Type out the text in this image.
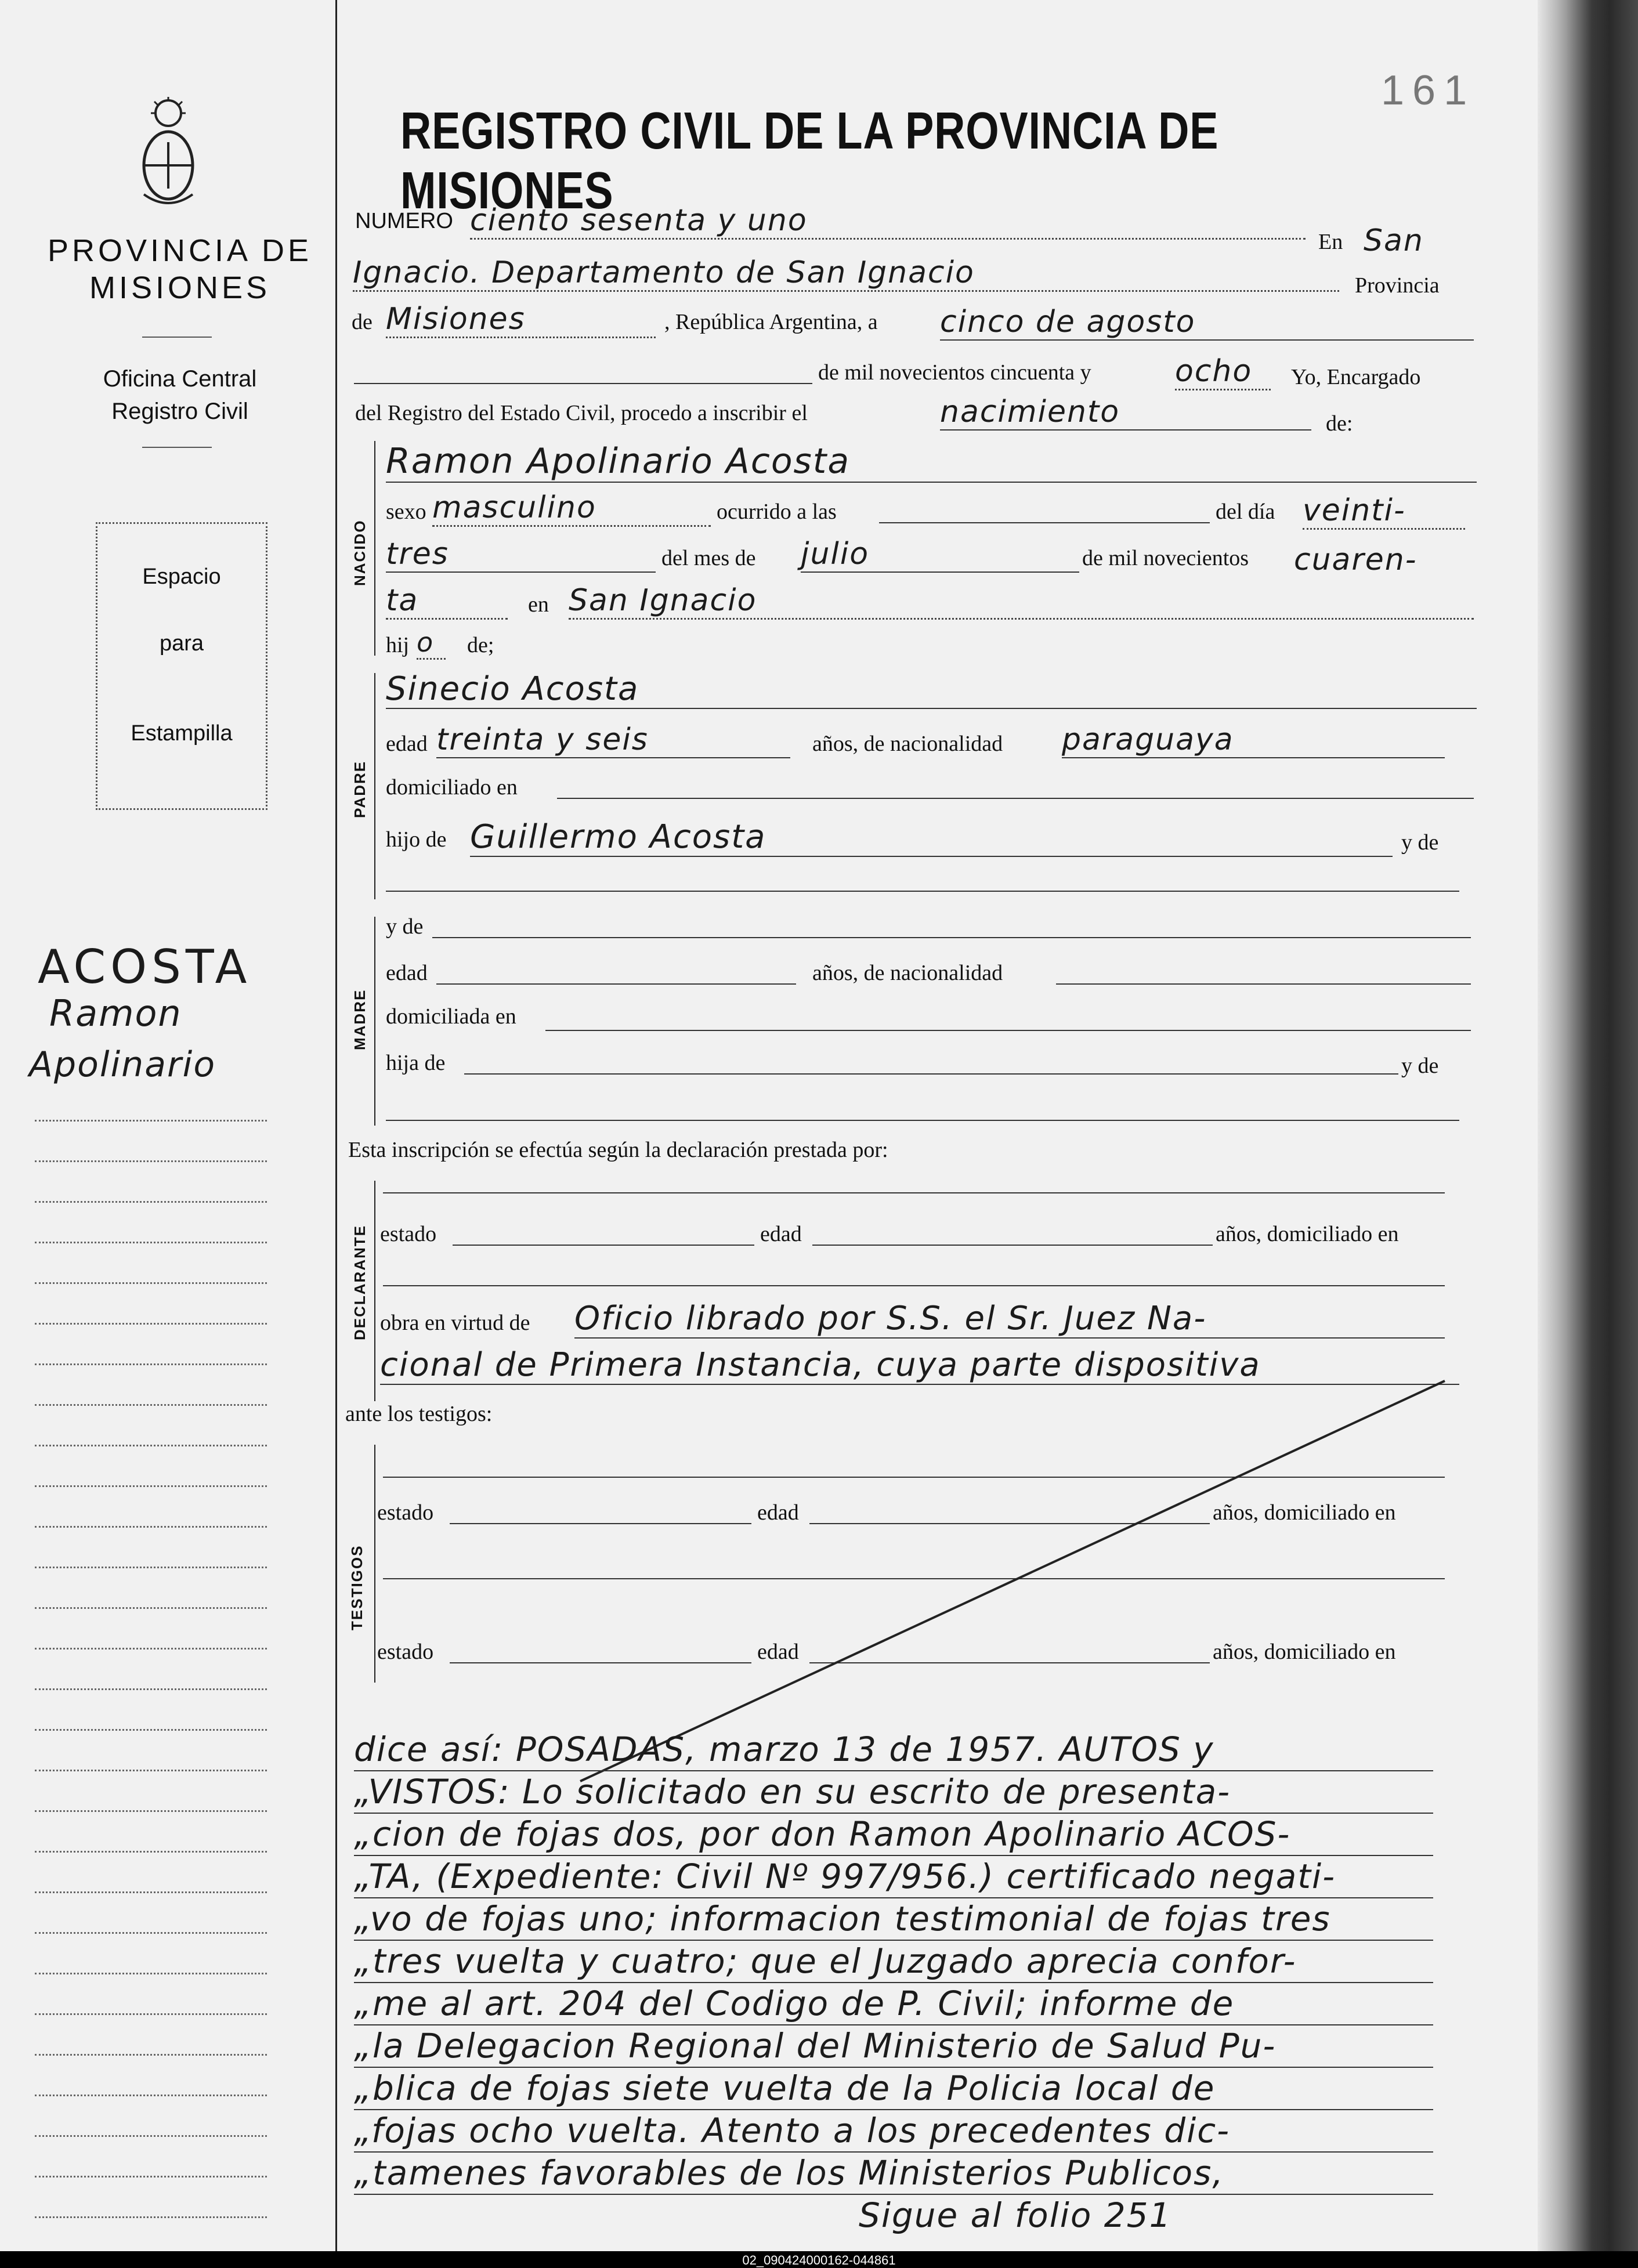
161
PROVINCIA DE
MISIONES
Oficina Central
Registro Civil
Espacio
para
Estampilla
ACOSTA
Ramon
Apolinario
REGISTRO CIVIL DE LA PROVINCIA DE MISIONES
NUMERO ciento sesenta y uno
En San
Ignacio. Departamento de San Ignacio	Provincia
de Misiones	, República Argentina, a cinco de agosto
de mil novecientos cincuenta y	ocho	Yo, Encargado
del Registro del Estado Civil, procedo a inscribir el	nacimiento	de:
NACIDO
Ramon Apolinario Acosta
sexo masculino	ocurrido a las	del día veinti-
tres	del mes de julio	de mil novecientos cuaren-
ta	en San Ignacio
hij o	de;
PADRE
Sinecio Acosta
edad treinta y seis	años, de nacionalidad paraguaya
domiciliado en
hijo de Guillermo Acosta	y de
MADRE
y de
edad	años, de nacionalidad
domiciliada en
hija de	y de
Esta inscripción se efectúa según la declaración prestada por:
DECLARANTE estado	edad	años, domiciliado en
obra en virtud de Oficio librado por S.S. el Sr. Juez Na-
cional de Primera Instancia, cuya parte dispositiva
ante los testigos:
TESTIGOS
estado	edad	años, domiciliado en
estado	edad	años, domiciliado en
dice así: POSADAS, marzo 13 de 1957. AUTOS y
„VISTOS: Lo solicitado en su escrito de presenta-
„cion de fojas dos, por don Ramon Apolinario ACOS-
„TA, (Expediente: Civil Nº 997/956.) certificado negati-
„vo de fojas uno; informacion testimonial de fojas tres
„tres vuelta y cuatro; que el Juzgado aprecia confor-
„me al art. 204 del Codigo de P. Civil; informe de
„la Delegacion Regional del Ministerio de Salud Pu-
„blica de fojas siete vuelta de la Policia local de
„fojas ocho vuelta. Atento a los precedentes dic-
„tamenes favorables de los Ministerios Publicos,
Sigue al folio 251
02_090424000162-044861
